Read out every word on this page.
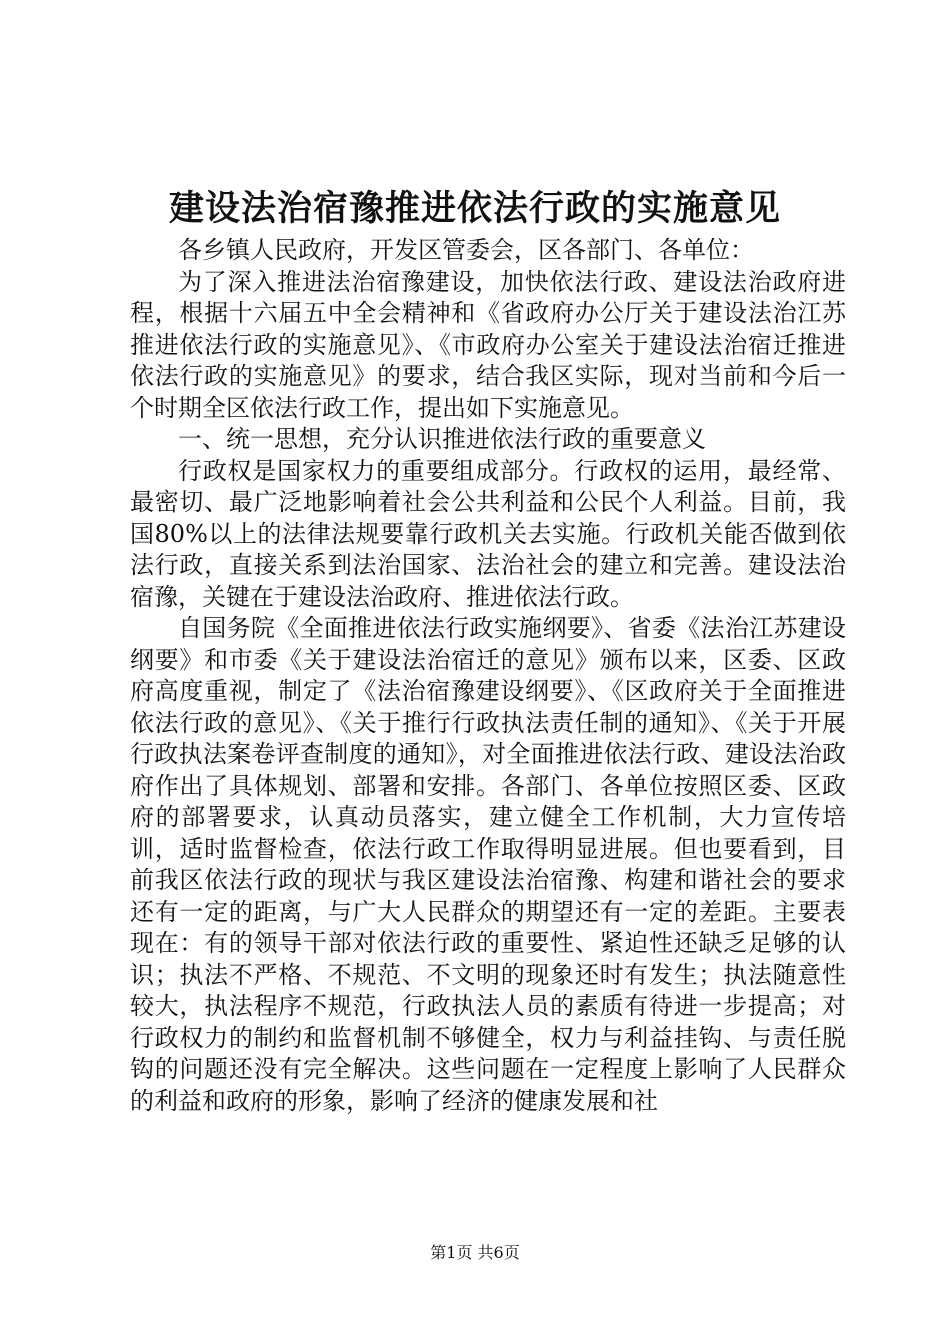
建设法治宿豫推进依法行政的实施意见

各乡镇人民政府，开发区管委会，区各部门、各单位：

为了深入推进法治宿豫建设，加快依法行政、建设法治政府进程，根据十六届五中全会精神和《省政府办公厅关于建设法治江苏推进依法行政的实施意见》、《市政府办公室关于建设法治宿迁推进依法行政的实施意见》的要求，结合我区实际，现对当前和今后一个时期全区依法行政工作，提出如下实施意见。

一、统一思想，充分认识推进依法行政的重要意义

行政权是国家权力的重要组成部分。行政权的运用，最经常、最密切、最广泛地影响着社会公共利益和公民个人利益。目前，我国80%以上的法律法规要靠行政机关去实施。行政机关能否做到依法行政，直接关系到法治国家、法治社会的建立和完善。建设法治宿豫，关键在于建设法治政府、推进依法行政。

自国务院《全面推进依法行政实施纲要》、省委《法治江苏建设纲要》和市委《关于建设法治宿迁的意见》颁布以来，区委、区政府高度重视，制定了《法治宿豫建设纲要》、《区政府关于全面推进依法行政的意见》、《关于推行行政执法责任制的通知》、《关于开展行政执法案卷评查制度的通知》，对全面推进依法行政、建设法治政府作出了具体规划、部署和安排。各部门、各单位按照区委、区政府的部署要求，认真动员落实，建立健全工作机制，大力宣传培训，适时监督检查，依法行政工作取得明显进展。但也要看到，目前我区依法行政的现状与我区建设法治宿豫、构建和谐社会的要求还有一定的距离，与广大人民群众的期望还有一定的差距。主要表现在：有的领导干部对依法行政的重要性、紧迫性还缺乏足够的认识；执法不严格、不规范、不文明的现象还时有发生；执法随意性较大，执法程序不规范，行政执法人员的素质有待进一步提高；对行政权力的制约和监督机制不够健全，权力与利益挂钩、与责任脱钩的问题还没有完全解决。这些问题在一定程度上影响了人民群众的利益和政府的形象，影响了经济的健康发展和社

第1页 共6页
